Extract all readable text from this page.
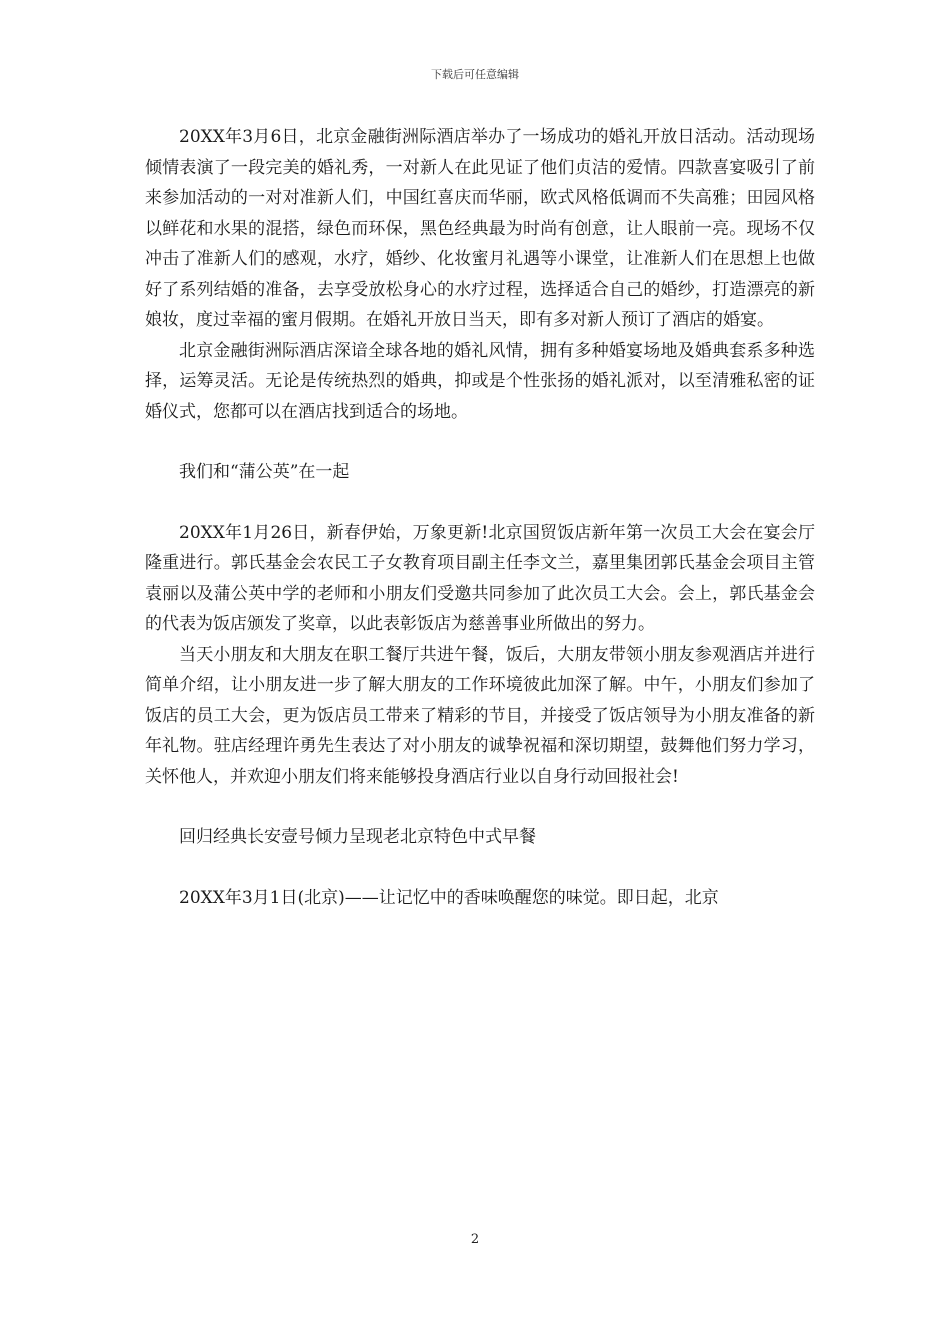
下载后可任意编辑

20XX年3月6日，北京金融街洲际酒店举办了一场成功的婚礼开放日活动。活动现场倾情表演了一段完美的婚礼秀，一对新人在此见证了他们贞洁的爱情。四款喜宴吸引了前来参加活动的一对对准新人们，中国红喜庆而华丽，欧式风格低调而不失高雅；田园风格以鲜花和水果的混搭，绿色而环保，黑色经典最为时尚有创意，让人眼前一亮。现场不仅冲击了准新人们的感观，水疗，婚纱、化妆蜜月礼遇等小课堂，让准新人们在思想上也做好了系列结婚的准备，去享受放松身心的水疗过程，选择适合自己的婚纱，打造漂亮的新娘妆，度过幸福的蜜月假期。在婚礼开放日当天，即有多对新人预订了酒店的婚宴。

北京金融街洲际酒店深谙全球各地的婚礼风情，拥有多种婚宴场地及婚典套系多种选择，运筹灵活。无论是传统热烈的婚典，抑或是个性张扬的婚礼派对，以至清雅私密的证婚仪式，您都可以在酒店找到适合的场地。

我们和“蒲公英”在一起

20XX年1月26日，新春伊始，万象更新!北京国贸饭店新年第一次员工大会在宴会厅隆重进行。郭氏基金会农民工子女教育项目副主任李文兰，嘉里集团郭氏基金会项目主管袁丽以及蒲公英中学的老师和小朋友们受邀共同参加了此次员工大会。会上，郭氏基金会的代表为饭店颁发了奖章，以此表彰饭店为慈善事业所做出的努力。

当天小朋友和大朋友在职工餐厅共进午餐，饭后，大朋友带领小朋友参观酒店并进行简单介绍，让小朋友进一步了解大朋友的工作环境彼此加深了解。中午，小朋友们参加了饭店的员工大会，更为饭店员工带来了精彩的节目，并接受了饭店领导为小朋友准备的新年礼物。驻店经理许勇先生表达了对小朋友的诚挚祝福和深切期望，鼓舞他们努力学习，关怀他人，并欢迎小朋友们将来能够投身酒店行业以自身行动回报社会!

回归经典长安壹号倾力呈现老北京特色中式早餐

20XX年3月1日(北京)——让记忆中的香味唤醒您的味觉。即日起，北京

2
